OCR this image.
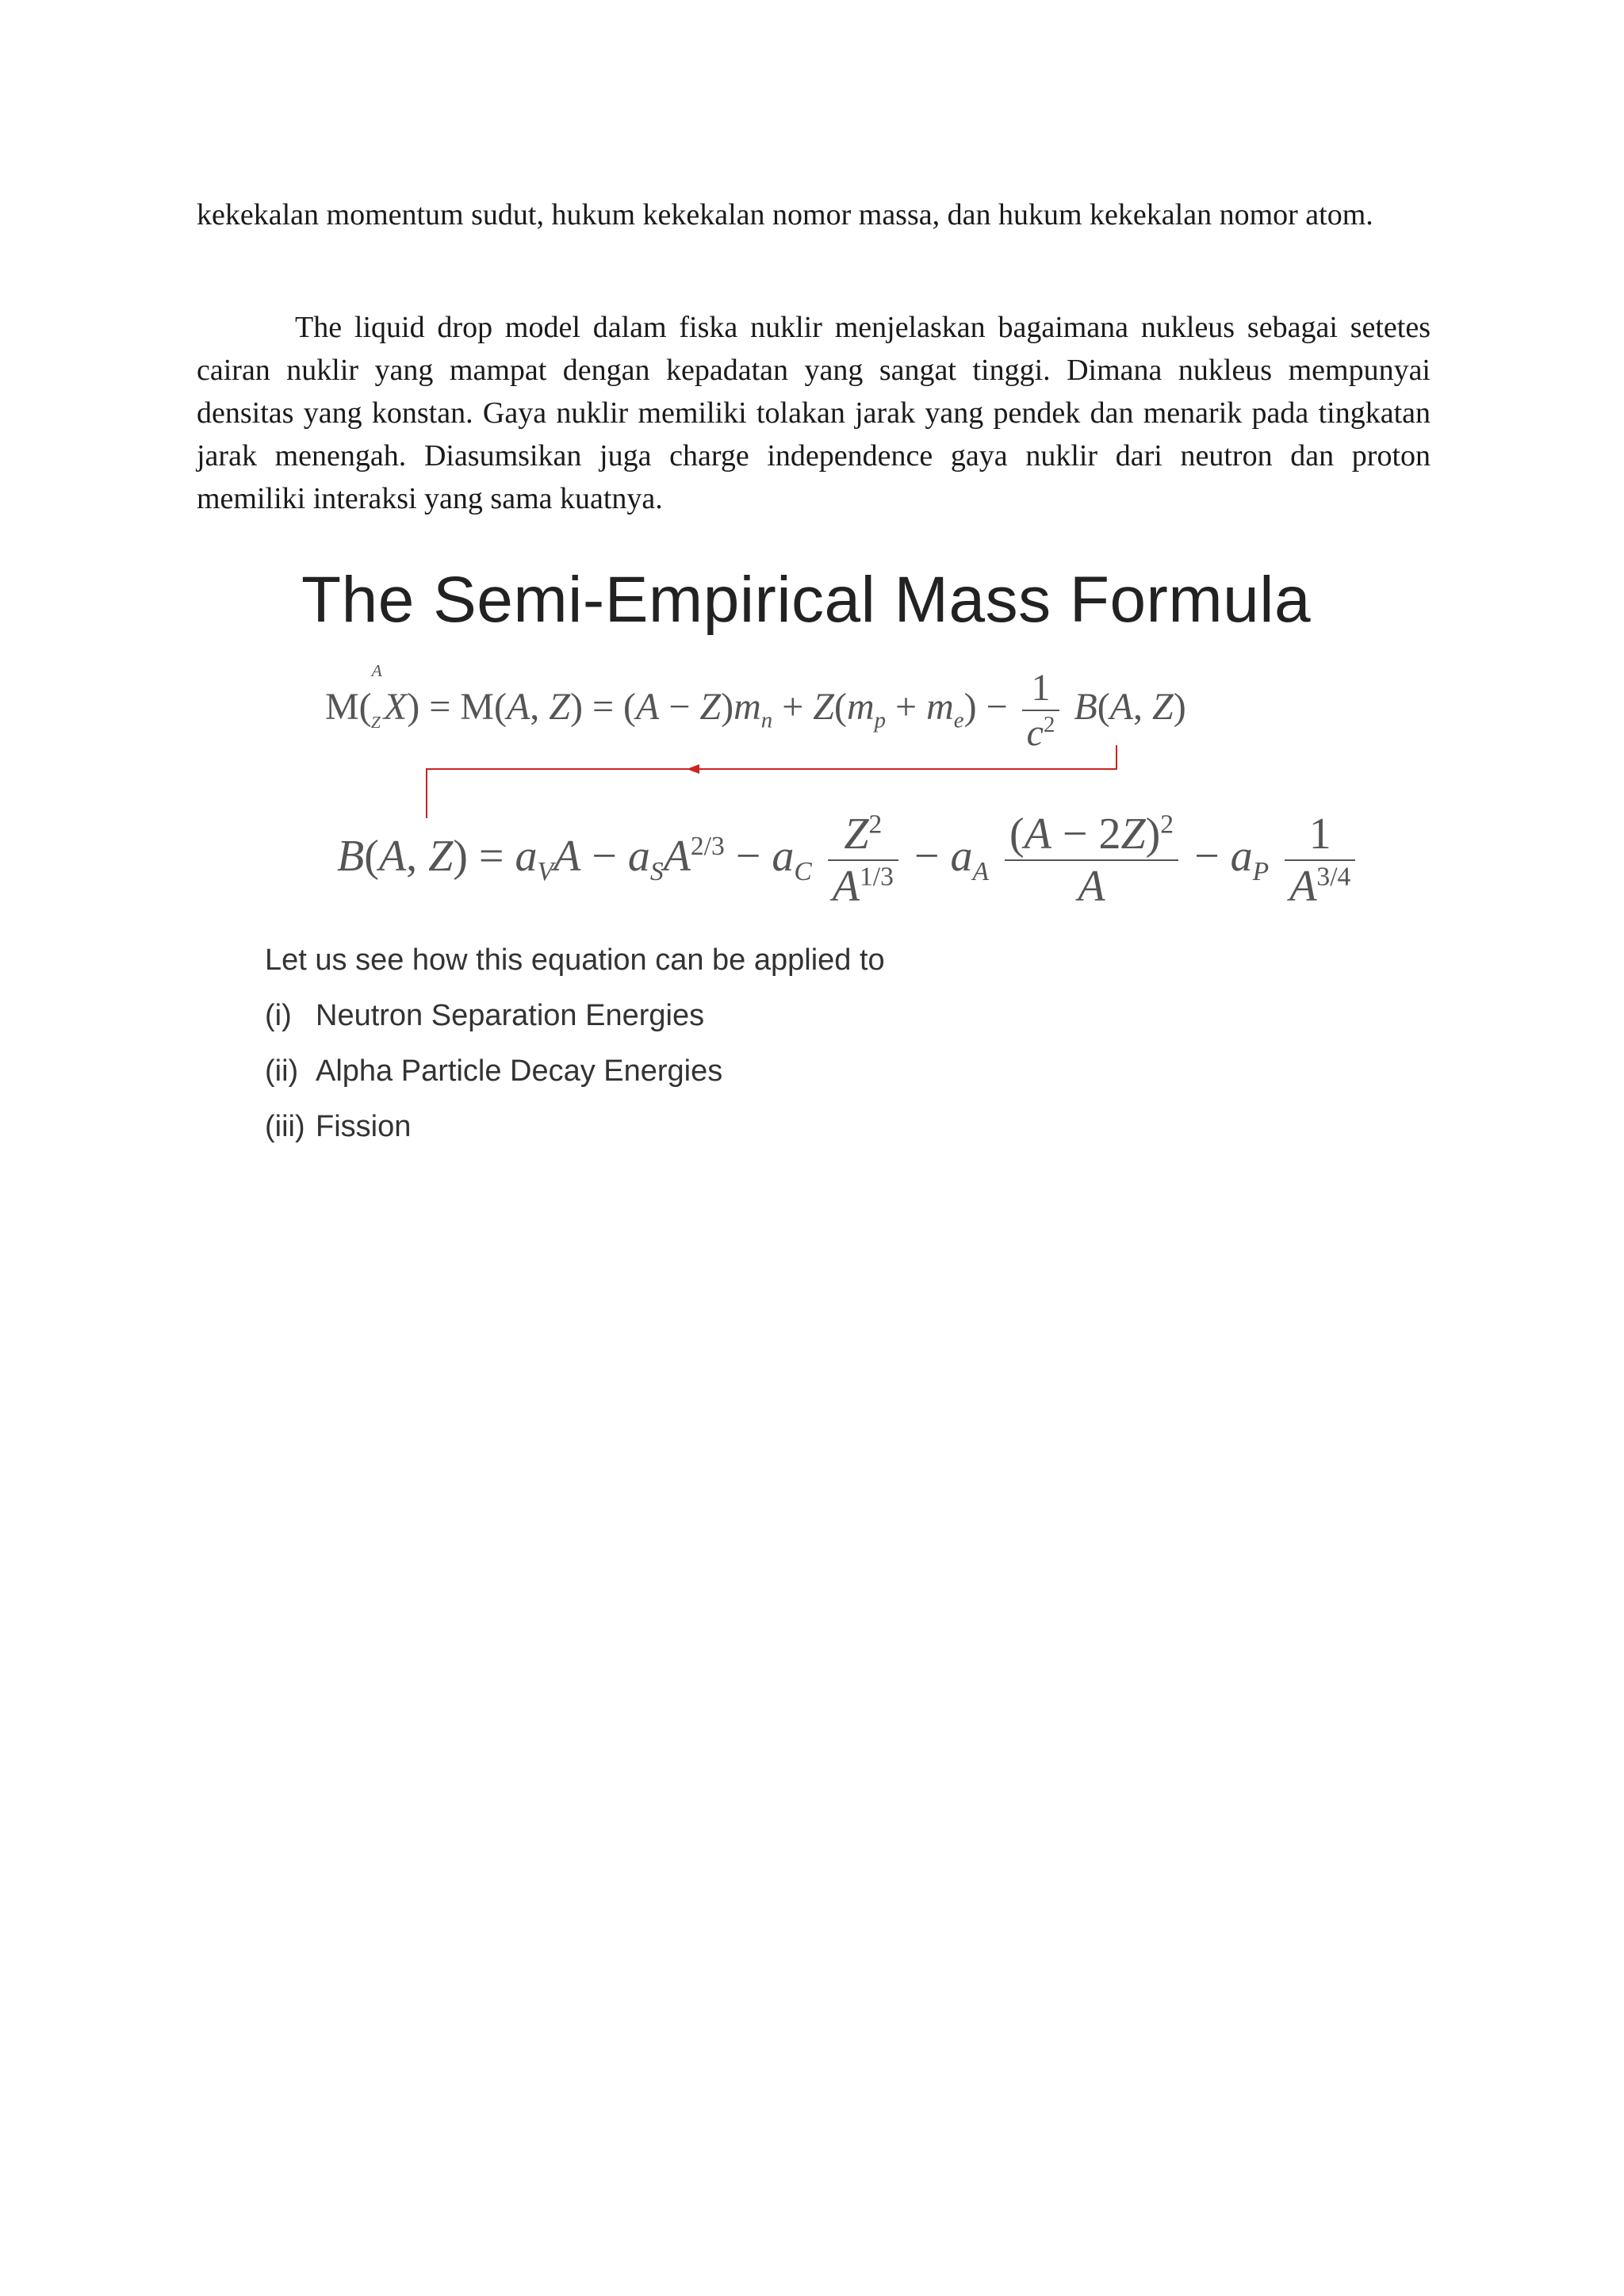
kekekalan momentum sudut, hukum kekekalan nomor massa, dan hukum kekekalan nomor atom.

The liquid drop model dalam fiska nuklir menjelaskan bagaimana nukleus sebagai setetes cairan nuklir yang mampat dengan kepadatan yang sangat tinggi. Dimana nukleus mempunyai densitas yang konstan. Gaya nuklir memiliki tolakan jarak yang pendek dan menarik pada tingkatan jarak menengah. Diasumsikan juga charge independence gaya nuklir dari neutron dan proton memiliki interaksi yang sama kuatnya.

The Semi-Empirical Mass Formula
M($^A_Z$X) = M(A, $Z) = (A - Z)m_n + Z(m_p + m_e) - \frac{1}{c^2} B(A$, Z)
B(A, $Z) = a_VA - a_SA^{2/3} - a_C \frac{Z^2}{A^{1/3}} - a_A \frac{(A - 2Z)^2}{A} - a_P \frac{1}{A^{3/4}}$
Let us see how this equation can be applied to
(i) Neutron Separation Energies
(ii) Alpha Particle Decay Energies
(iii) Fission
